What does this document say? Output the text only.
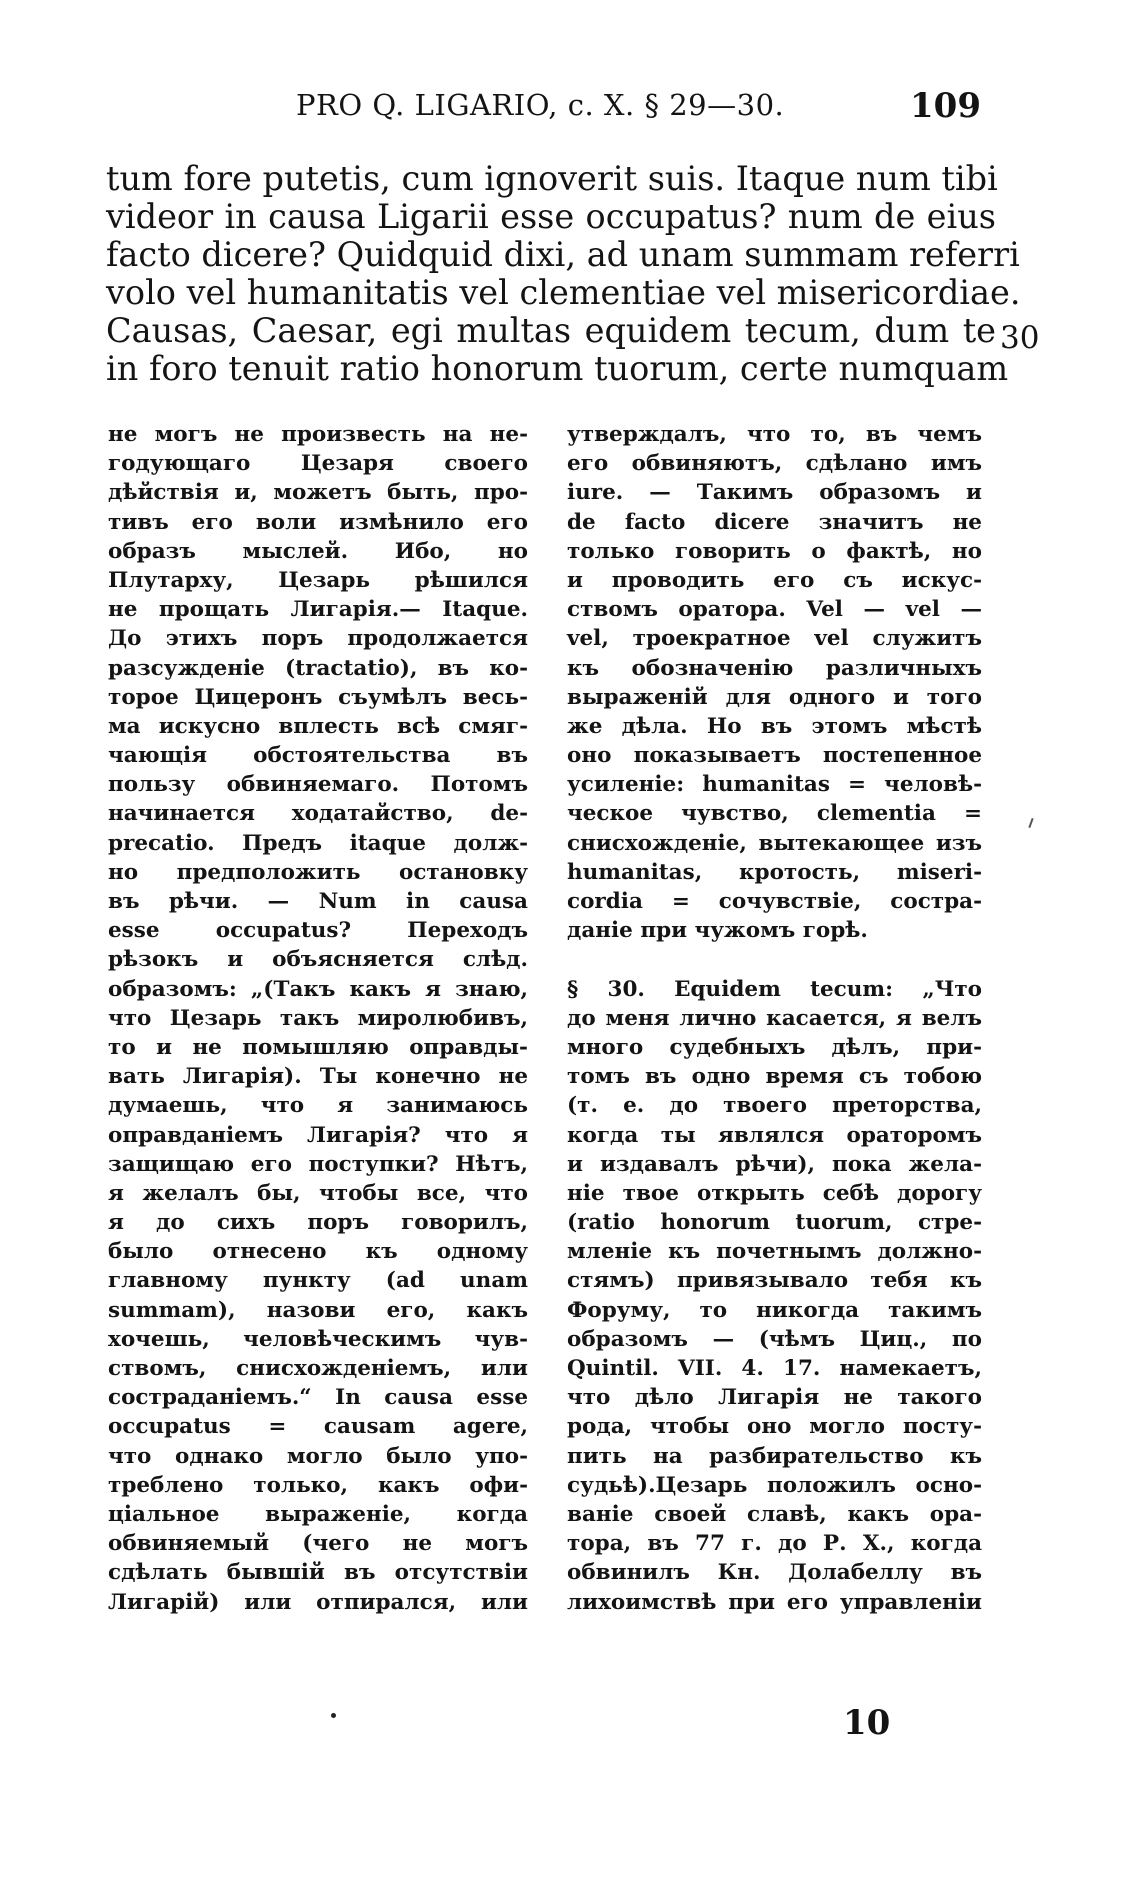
PRO Q. LIGARIO, c. X. § 29—30.	109
tum fore putetis, cum ignoverit suis. Itaque num tibi
videor in causa Ligarii esse occupatus? num de eius
facto dicere? Quidquid dixi, ad unam summam referri
volo vel humanitatis vel clementiae vel misericordiae.
Causas, Caesar, egi multas equidem tecum, dum te
in foro tenuit ratio honorum tuorum, certe numquam
30
не могъ не произвесть на не-
годующаго Цезаря своего
дѣйствія и, можетъ быть, про-
тивъ его воли измѣнило его
образъ мыслей. Ибо, но
Плутарху, Цезарь рѣшился
не прощать Лигарія.— Itaque.
До этихъ поръ продолжается
разсужденіе (tractatio), въ ко-
торое Цицеронъ съумѣлъ весь-
ма искусно вплесть всѣ смяг-
чающія обстоятельства въ
пользу обвиняемаго. Потомъ
начинается ходатайство, de-
precatio. Предъ itaque долж-
но предположить остановку
въ рѣчи. — Num in causa
esse occupatus? Переходъ
рѣзокъ и объясняется слѣд.
образомъ: „(Такъ какъ я знаю,
что Цезарь такъ миролюбивъ,
то и не помышляю оправды-
вать Лигарія). Ты конечно не
думаешь, что я занимаюсь
оправданіемъ Лигарія? что я
защищаю его поступки? Нѣтъ,
я желалъ бы, чтобы все, что
я до сихъ поръ говорилъ,
было отнесено къ одному
главному пункту (ad unam
summam), назови его, какъ
хочешь, человѣческимъ чув-
ствомъ, снисхожденіемъ, или
состраданіемъ.“ In causa esse
occupatus = causam agere,
что однако могло было упо-
треблено только, какъ офи-
ціальное выраженіе, когда
обвиняемый (чего не могъ
сдѣлать бывшій въ отсутствіи
Лигарій) или отпирался, или
утверждалъ, что то, въ чемъ
его обвиняютъ, сдѣлано имъ
iure. — Такимъ образомъ и
de facto dicere значитъ не
только говорить о фактѣ, но
и проводить его съ искус-
ствомъ оратора. Vel — vel —
vel, троекратное vel служитъ
къ обозначенію различныхъ
выраженій для одного и того
же дѣла. Но въ этомъ мѣстѣ
оно показываетъ постепенное
усиленіе: humanitas = человѣ-
ческое чувство, clementia =
снисхожденіе, вытекающее изъ
humanitas, кротость, miseri-
cordia = сочувствіе, состра-
даніе при чужомъ горѣ.
§ 30. Equidem tecum: „Что
до меня лично касается, я велъ
много судебныхъ дѣлъ, при-
томъ въ одно время съ тобою
(т. е. до твоего преторства,
когда ты являлся ораторомъ
и издавалъ рѣчи), пока жела-
ніе твое открыть себѣ дорогу
(ratio honorum tuorum, стре-
мленіе къ почетнымъ должно-
стямъ) привязывало тебя къ
Форуму, то никогда такимъ
образомъ — (чѣмъ Циц., по
Quintil. VII. 4. 17. намекаетъ,
что дѣло Лигарія не такого
рода, чтобы оно могло посту-
пить на разбирательство къ
судьѣ).Цезарь положилъ осно-
ваніе своей славѣ, какъ ора-
тора, въ 77 г. до Р. Х., когда
обвинилъ Кн. Долабеллу въ
лихоимствѣ при его управленіи
10
